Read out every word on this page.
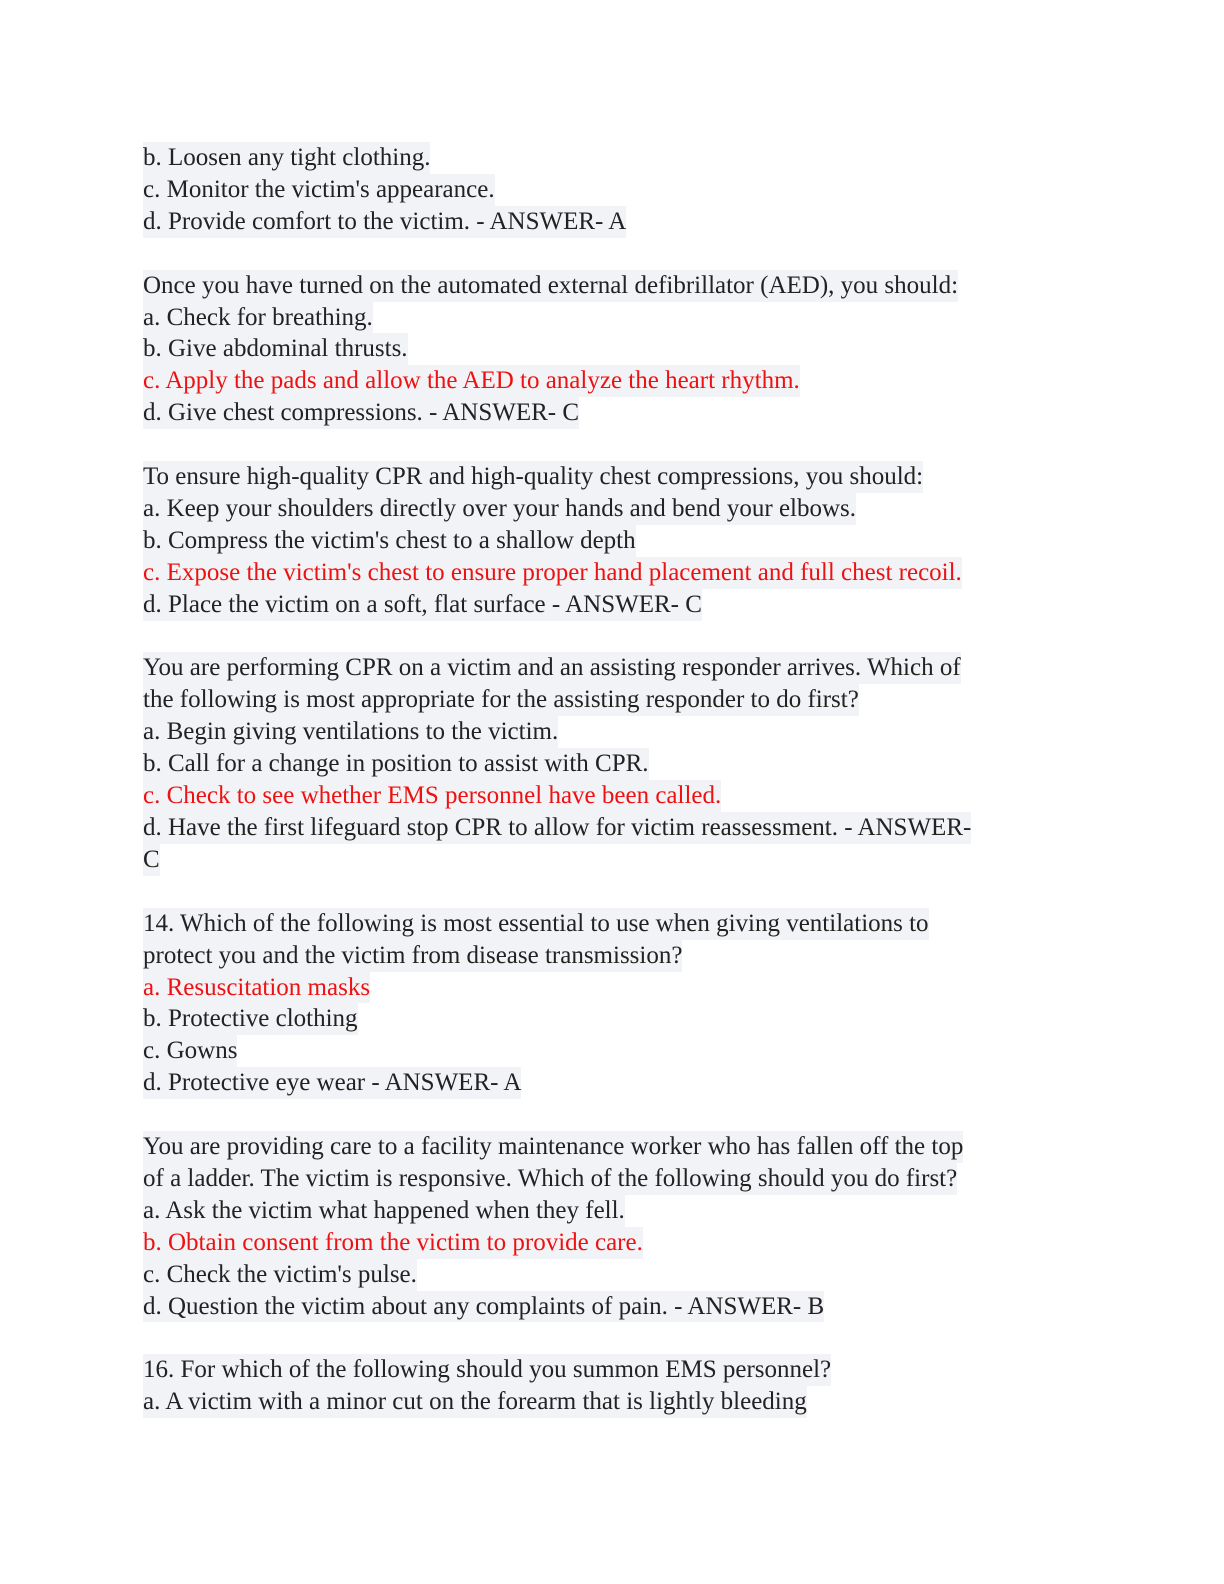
b. Loosen any tight clothing.
c. Monitor the victim's appearance.
d. Provide comfort to the victim. - ANSWER- A
Once you have turned on the automated external defibrillator (AED), you should:
a. Check for breathing.
b. Give abdominal thrusts.
c. Apply the pads and allow the AED to analyze the heart rhythm.
d. Give chest compressions. - ANSWER- C
To ensure high-quality CPR and high-quality chest compressions, you should:
a. Keep your shoulders directly over your hands and bend your elbows.
b. Compress the victim's chest to a shallow depth
c. Expose the victim's chest to ensure proper hand placement and full chest recoil.
d. Place the victim on a soft, flat surface - ANSWER- C
You are performing CPR on a victim and an assisting responder arrives. Which of
the following is most appropriate for the assisting responder to do first?
a. Begin giving ventilations to the victim.
b. Call for a change in position to assist with CPR.
c. Check to see whether EMS personnel have been called.
d. Have the first lifeguard stop CPR to allow for victim reassessment. - ANSWER-
C
14. Which of the following is most essential to use when giving ventilations to
protect you and the victim from disease transmission?
a. Resuscitation masks
b. Protective clothing
c. Gowns
d. Protective eye wear - ANSWER- A
You are providing care to a facility maintenance worker who has fallen off the top
of a ladder. The victim is responsive. Which of the following should you do first?
a. Ask the victim what happened when they fell.
b. Obtain consent from the victim to provide care.
c. Check the victim's pulse.
d. Question the victim about any complaints of pain. - ANSWER- B
16. For which of the following should you summon EMS personnel?
a. A victim with a minor cut on the forearm that is lightly bleeding
